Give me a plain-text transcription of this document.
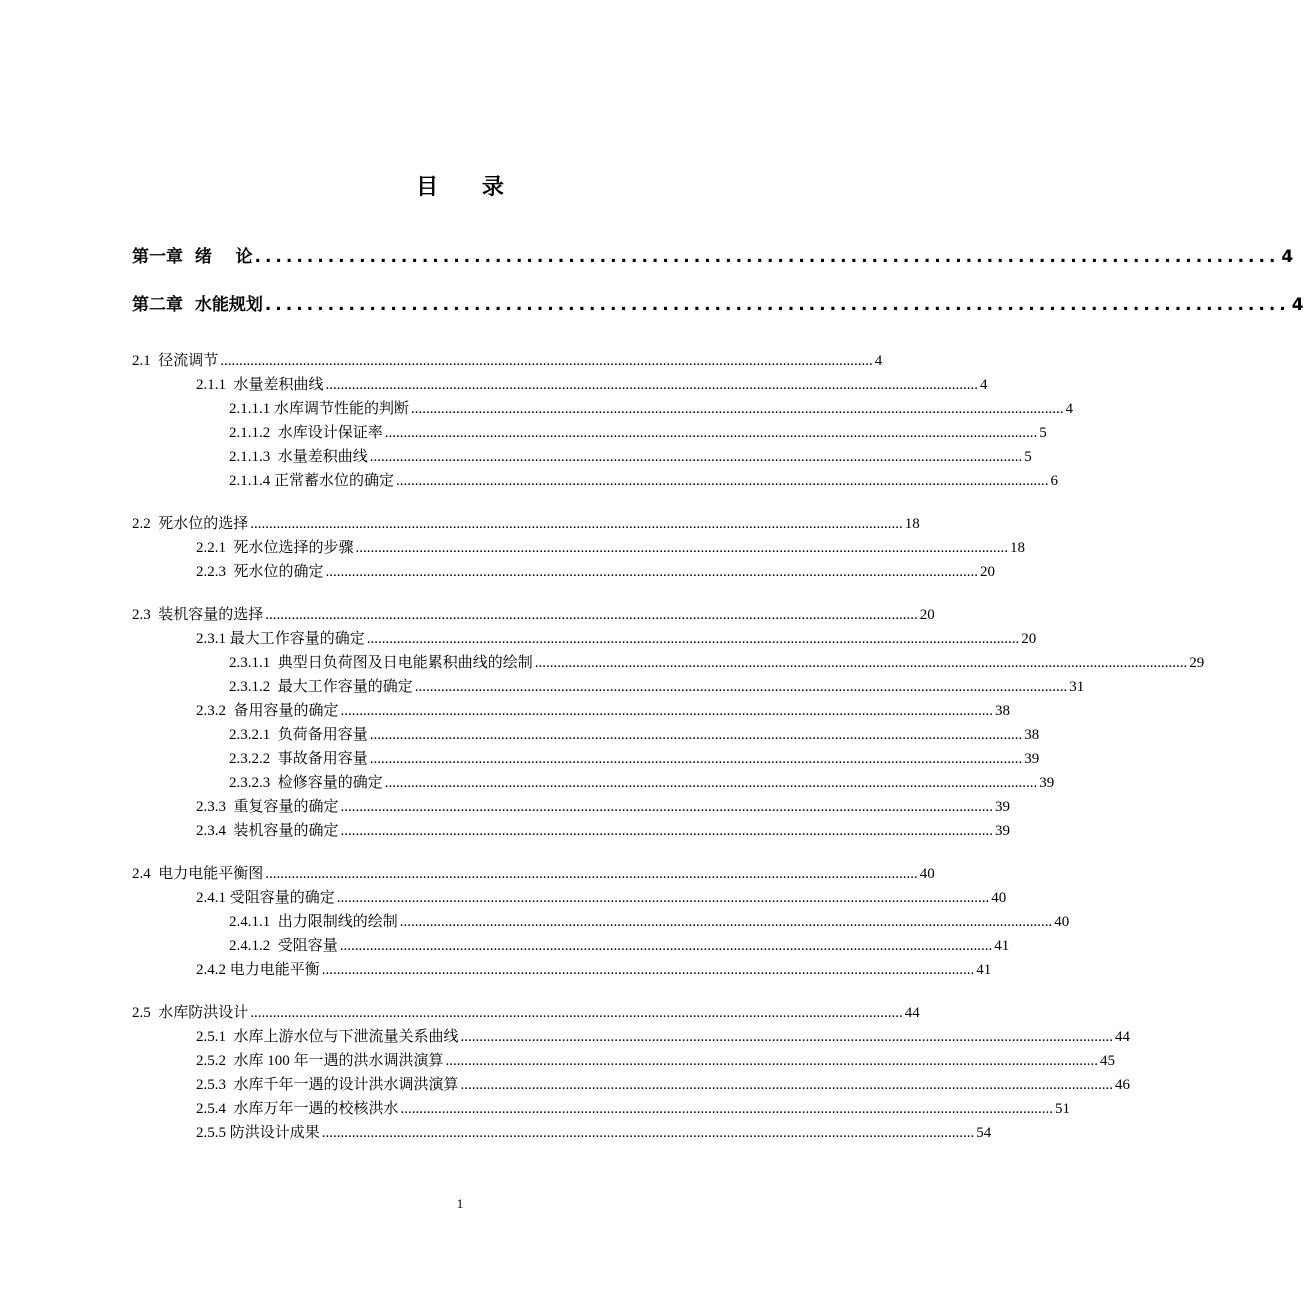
目 录
第一章  绪    论 .................................................................................................. 4
第二章  水能规划 .................................................................................................. 4
2.1  径流调节 .............................................................................................................................................................................. 4
2.1.1  水量差积曲线 .............................................................................................................................................................................. 4
2.1.1.1 水库调节性能的判断 .............................................................................................................................................................................. 4
2.1.1.2  水库设计保证率 .............................................................................................................................................................................. 5
2.1.1.3  水量差积曲线 .............................................................................................................................................................................. 5
2.1.1.4 正常蓄水位的确定 .............................................................................................................................................................................. 6
2.2  死水位的选择 .............................................................................................................................................................................. 18
2.2.1  死水位选择的步骤 .............................................................................................................................................................................. 18
2.2.3  死水位的确定 .............................................................................................................................................................................. 20
2.3  装机容量的选择 .............................................................................................................................................................................. 20
2.3.1 最大工作容量的确定 .............................................................................................................................................................................. 20
2.3.1.1  典型日负荷图及日电能累积曲线的绘制 .............................................................................................................................................................................. 29
2.3.1.2  最大工作容量的确定 .............................................................................................................................................................................. 31
2.3.2  备用容量的确定 .............................................................................................................................................................................. 38
2.3.2.1  负荷备用容量 .............................................................................................................................................................................. 38
2.3.2.2  事故备用容量 .............................................................................................................................................................................. 39
2.3.2.3  检修容量的确定 .............................................................................................................................................................................. 39
2.3.3  重复容量的确定 .............................................................................................................................................................................. 39
2.3.4  装机容量的确定 .............................................................................................................................................................................. 39
2.4  电力电能平衡图 .............................................................................................................................................................................. 40
2.4.1 受阻容量的确定 .............................................................................................................................................................................. 40
2.4.1.1  出力限制线的绘制 .............................................................................................................................................................................. 40
2.4.1.2  受阻容量 .............................................................................................................................................................................. 41
2.4.2 电力电能平衡 .............................................................................................................................................................................. 41
2.5  水库防洪设计 .............................................................................................................................................................................. 44
2.5.1  水库上游水位与下泄流量关系曲线 .............................................................................................................................................................................. 44
2.5.2  水库 100 年一遇的洪水调洪演算 .............................................................................................................................................................................. 45
2.5.3  水库千年一遇的设计洪水调洪演算 .............................................................................................................................................................................. 46
2.5.4  水库万年一遇的校核洪水 .............................................................................................................................................................................. 51
2.5.5 防洪设计成果 .............................................................................................................................................................................. 54
1
